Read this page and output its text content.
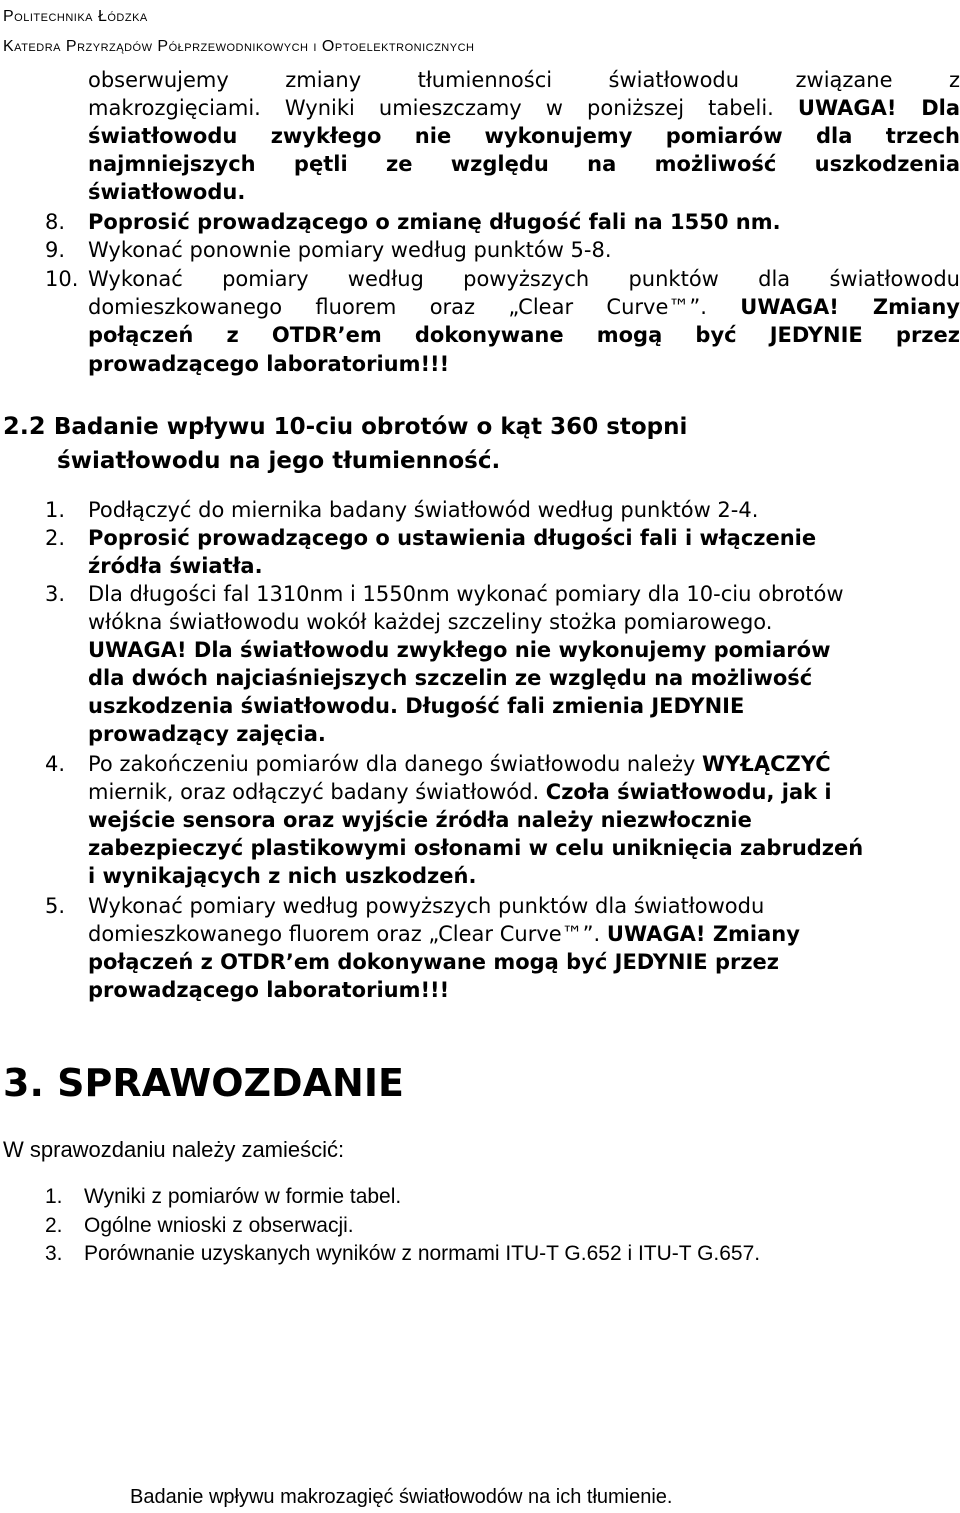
Politechnika Łódzka
Katedra Przyrządów Półprzewodnikowych i Optoelektronicznych
obserwujemy zmiany tłumienności światłowodu związane z
makrozgięciami. Wyniki umieszczamy w poniższej tabeli. UWAGA! Dla
światłowodu zwykłego nie wykonujemy pomiarów dla trzech
najmniejszych pętli ze względu na możliwość uszkodzenia
światłowodu.
8. Poprosić prowadzącego o zmianę długość fali na 1550 nm.
9. Wykonać ponownie pomiary według punktów 5-8.
10. Wykonać pomiary według powyższych punktów dla światłowodu
domieszkowanego fluorem oraz „Clear Curve™”. UWAGA! Zmiany
połączeń z OTDR’em dokonywane mogą być JEDYNIE przez
prowadzącego laboratorium!!!
2.2 Badanie wpływu 10-ciu obrotów o kąt 360 stopni
światłowodu na jego tłumienność.
1. Podłączyć do miernika badany światłowód według punktów 2-4.
2. Poprosić prowadzącego o ustawienia długości fali i włączenie
źródła światła.
3. Dla długości fal 1310nm i 1550nm wykonać pomiary dla 10-ciu obrotów
włókna światłowodu wokół każdej szczeliny stożka pomiarowego.
UWAGA! Dla światłowodu zwykłego nie wykonujemy pomiarów
dla dwóch najciaśniejszych szczelin ze względu na możliwość
uszkodzenia światłowodu. Długość fali zmienia JEDYNIE
prowadzący zajęcia.
4. Po zakończeniu pomiarów dla danego światłowodu należy WYŁĄCZYĆ
miernik, oraz odłączyć badany światłowód. Czoła światłowodu, jak i
wejście sensora oraz wyjście źródła należy niezwłocznie
zabezpieczyć plastikowymi osłonami w celu uniknięcia zabrudzeń
i wynikających z nich uszkodzeń.
5. Wykonać pomiary według powyższych punktów dla światłowodu
domieszkowanego fluorem oraz „Clear Curve™”. UWAGA! Zmiany
połączeń z OTDR’em dokonywane mogą być JEDYNIE przez
prowadzącego laboratorium!!!
3. SPRAWOZDANIE
W sprawozdaniu należy zamieścić:
1. Wyniki z pomiarów w formie tabel.
2. Ogólne wnioski z obserwacji.
3. Porównanie uzyskanych wyników z normami ITU-T G.652 i ITU-T G.657.
Badanie wpływu makrozagięć światłowodów na ich tłumienie.
